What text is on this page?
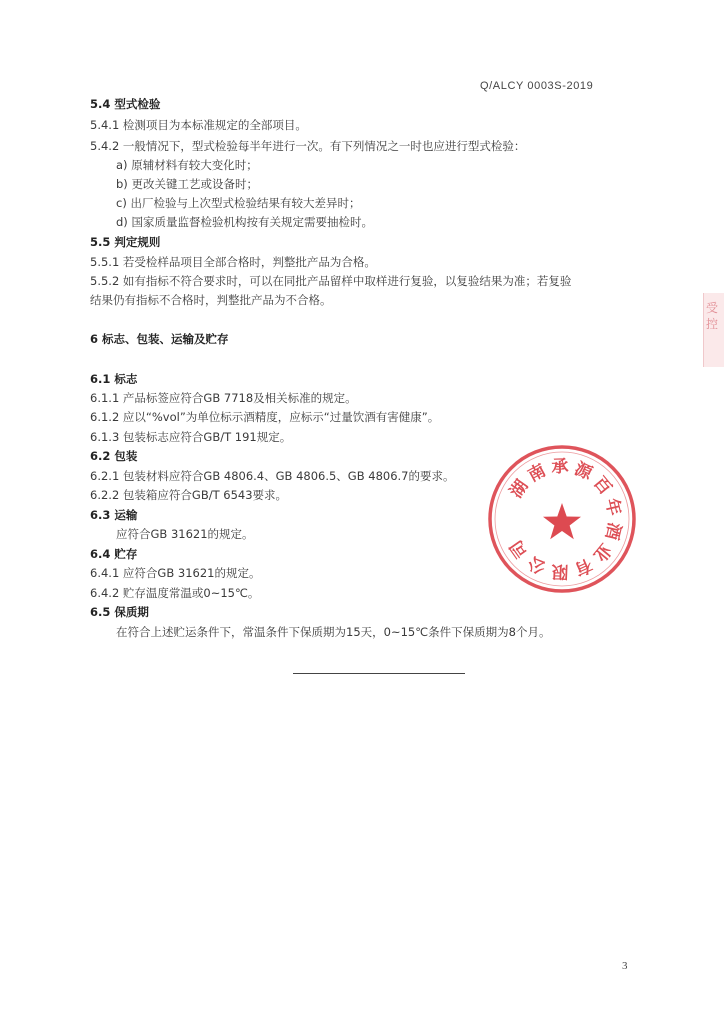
Q/ALCY 0003S-2019
5.4 型式检验
5.4.1 检测项目为本标准规定的全部项目。
5.4.2 一般情况下，型式检验每半年进行一次。有下列情况之一时也应进行型式检验：
a) 原辅材料有较大变化时；
b) 更改关键工艺或设备时；
c) 出厂检验与上次型式检验结果有较大差异时；
d) 国家质量监督检验机构按有关规定需要抽检时。
5.5 判定规则
5.5.1 若受检样品项目全部合格时，判整批产品为合格。
5.5.2 如有指标不符合要求时，可以在同批产品留样中取样进行复验，以复验结果为准；若复验
结果仍有指标不合格时，判整批产品为不合格。
6 标志、包装、运输及贮存
6.1 标志
6.1.1 产品标签应符合GB 7718及相关标准的规定。
6.1.2 应以“%vol”为单位标示酒精度，应标示“过量饮酒有害健康”。
6.1.3 包装标志应符合GB/T 191规定。
6.2 包装
6.2.1 包装材料应符合GB 4806.4、GB 4806.5、GB 4806.7的要求。
6.2.2 包装箱应符合GB/T 6543要求。
6.3 运输
应符合GB 31621的规定。
6.4 贮存
6.4.1 应符合GB 31621的规定。
6.4.2 贮存温度常温或0~15℃。
6.5 保质期
在符合上述贮运条件下，常温条件下保质期为15天，0~15℃条件下保质期为8个月。
湖
南 承 源
百
年
酒
业
有
限
公
司
受控
3
